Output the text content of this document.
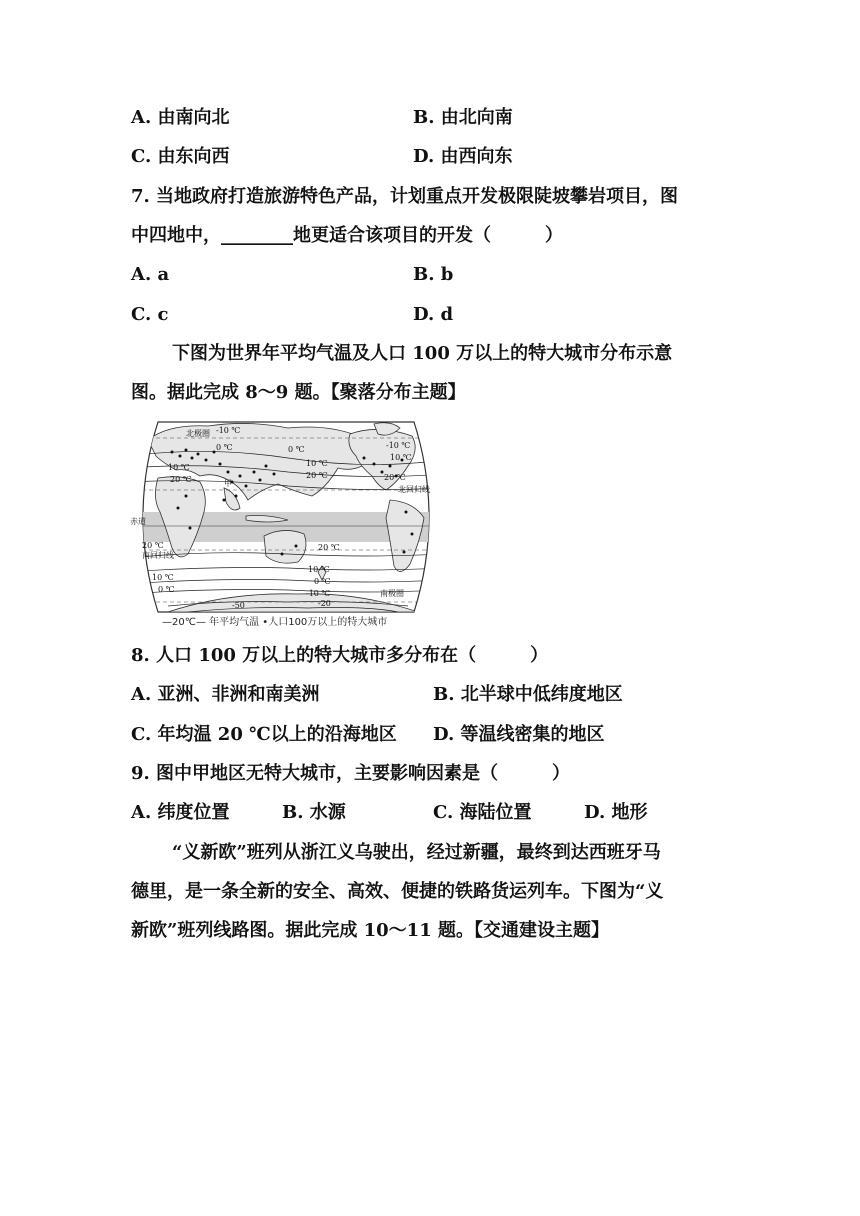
A. 由南向北	B. 由北向南
C. 由东向西	D. 由西向东
7. 当地政府打造旅游特色产品，计划重点开发极限陡坡攀岩项目，图
中四地中，________地更适合该项目的开发（　　　）
A. a	B. b
C. c	D. d
下图为世界年平均气温及人口 100 万以上的特大城市分布示意
图。据此完成 8～9 题。【聚落分布主题】
北极圈 -10 ℃
0 ℃
10 ℃
20 ℃	甲
10 ℃
20 ℃
0 ℃	-10 ℃
10 ℃
北回归线
20 ℃
赤道
20 ℃
南回归线
20 ℃
10 ℃
0 ℃	-10 ℃
-20
-50
10 ℃
0 ℃
南极圈
—20℃— 年平均气温 •人口100万以上的特大城市
8. 人口 100 万以上的特大城市多分布在（　　　）
A. 亚洲、非洲和南美洲	B. 北半球中低纬度地区
C. 年均温 20 ℃以上的沿海地区 D. 等温线密集的地区
9. 图中甲地区无特大城市，主要影响因素是（　　　）
A. 纬度位置	B. 水源	C. 海陆位置	D. 地形
“义新欧”班列从浙江义乌驶出，经过新疆，最终到达西班牙马
德里，是一条全新的安全、高效、便捷的铁路货运列车。下图为“义
新欧”班列线路图。据此完成 10～11 题。【交通建设主题】
